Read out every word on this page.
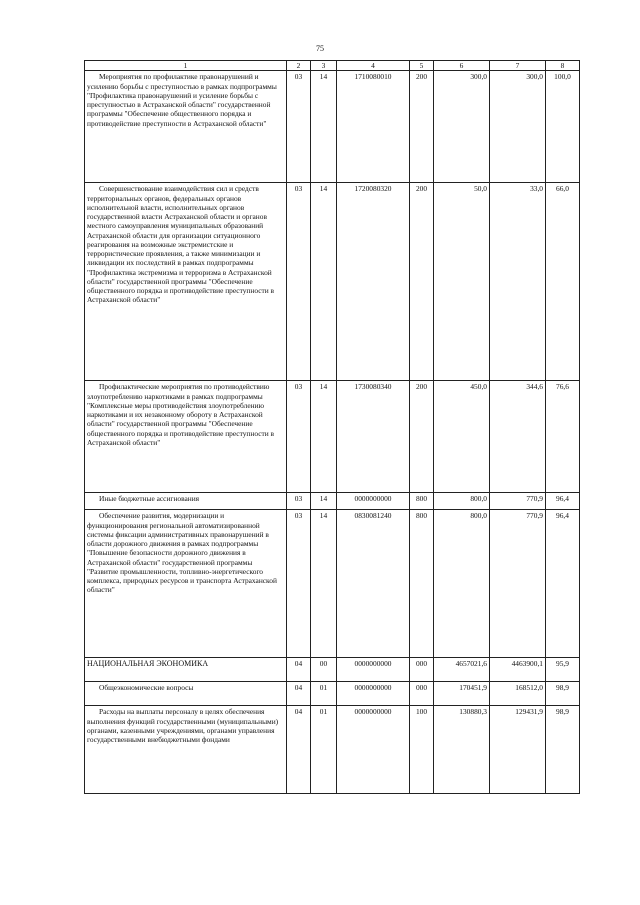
75
1	2	3	4	5	6	7	8

Мероприятия по профилактике правонарушений и усилению борьбы с преступностью в рамках подпрограммы "Профилактика правонарушений и усиление борьбы с преступностью в Астраханской области" государственной программы "Обеспечение общественного порядка и противодействие преступности в Астраханской области"	03	14	1710080010	200	300,0	300,0	100,0

Совершенствование взаимодействия сил и средств территориальных органов, федеральных органов исполнительной власти, исполнительных органов государственной власти Астраханской области и органов местного самоуправления муниципальных образований Астраханской области для организации ситуационного реагирования на возможные экстремистские и террористические проявления, а также минимизации и ликвидации их последствий в рамках подпрограммы "Профилактика экстремизма и терроризма в Астраханской области" государственной программы "Обеспечение общественного порядка и противодействие преступности в Астраханской области"	03	14	1720080320	200	50,0	33,0	66,0

Профилактические мероприятия по противодействию злоупотреблению наркотиками в рамках подпрограммы "Комплексные меры противодействия злоупотреблению наркотиками и их незаконному обороту в Астраханской области" государственной программы "Обеспечение общественного порядка и противодействие преступности в Астраханской области"	03	14	1730080340	200	450,0	344,6	76,6

Иные бюджетные ассигнования	03	14	0000000000	800	800,0	770,9	96,4

Обеспечение развития, модернизации и функционирования региональной автоматизированной системы фиксации административных правонарушений в области дорожного движения в рамках подпрограммы "Повышение безопасности дорожного движения в Астраханской области" государственной программы "Развитие промышленности, топливно-энергетического комплекса, природных ресурсов и транспорта Астраханской области"	03	14	0830081240	800	800,0	770,9	96,4

НАЦИОНАЛЬНАЯ ЭКОНОМИКА	04	00	0000000000	000	4657021,6	4463900,1	95,9

Общеэкономические вопросы	04	01	0000000000	000	170451,9	168512,0	98,9

Расходы на выплаты персоналу в целях обеспечения выполнения функций государственными (муниципальными) органами, казенными учреждениями, органами управления государственными внебюджетными фондами	04	01	0000000000	100	130880,3	129431,9	98,9
